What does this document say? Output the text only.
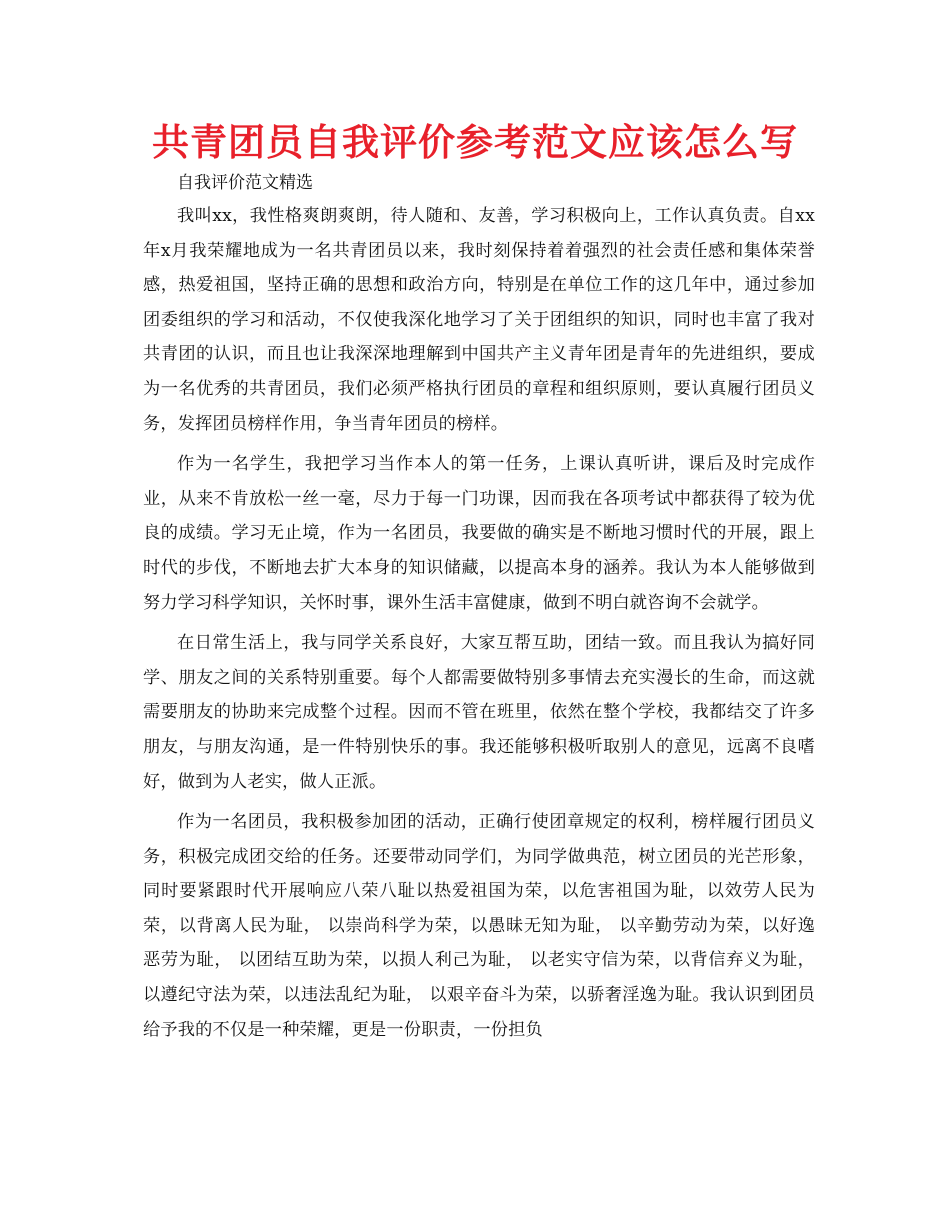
共青团员自我评价参考范文应该怎么写

自我评价范文精选

我叫xx，我性格爽朗爽朗，待人随和、友善，学习积极向上，工作认真负责。自xx年x月我荣耀地成为一名共青团员以来，我时刻保持着着强烈的社会责任感和集体荣誉感，热爱祖国，坚持正确的思想和政治方向，特别是在单位工作的这几年中，通过参加团委组织的学习和活动，不仅使我深化地学习了关于团组织的知识，同时也丰富了我对共青团的认识，而且也让我深深地理解到中国共产主义青年团是青年的先进组织，要成为一名优秀的共青团员，我们必须严格执行团员的章程和组织原则，要认真履行团员义务，发挥团员榜样作用，争当青年团员的榜样。

作为一名学生，我把学习当作本人的第一任务，上课认真听讲，课后及时完成作业，从来不肯放松一丝一毫，尽力于每一门功课，因而我在各项考试中都获得了较为优良的成绩。学习无止境，作为一名团员，我要做的确实是不断地习惯时代的开展，跟上时代的步伐，不断地去扩大本身的知识储藏，以提高本身的涵养。我认为本人能够做到努力学习科学知识，关怀时事，课外生活丰富健康，做到不明白就咨询不会就学。

在日常生活上，我与同学关系良好，大家互帮互助，团结一致。而且我认为搞好同学、朋友之间的关系特别重要。每个人都需要做特别多事情去充实漫长的生命，而这就需要朋友的协助来完成整个过程。因而不管在班里，依然在整个学校，我都结交了许多朋友，与朋友沟通，是一件特别快乐的事。我还能够积极听取别人的意见，远离不良嗜好，做到为人老实，做人正派。

作为一名团员，我积极参加团的活动，正确行使团章规定的权利，榜样履行团员义务，积极完成团交给的任务。还要带动同学们，为同学做典范，树立团员的光芒形象，同时要紧跟时代开展响应八荣八耻以热爱祖国为荣，以危害祖国为耻，以效劳人民为荣，以背离人民为耻， 以崇尚科学为荣，以愚昧无知为耻， 以辛勤劳动为荣，以好逸恶劳为耻， 以团结互助为荣，以损人利己为耻， 以老实守信为荣，以背信弃义为耻， 以遵纪守法为荣，以违法乱纪为耻， 以艰辛奋斗为荣，以骄奢淫逸为耻。我认识到团员给予我的不仅是一种荣耀，更是一份职责，一份担负
